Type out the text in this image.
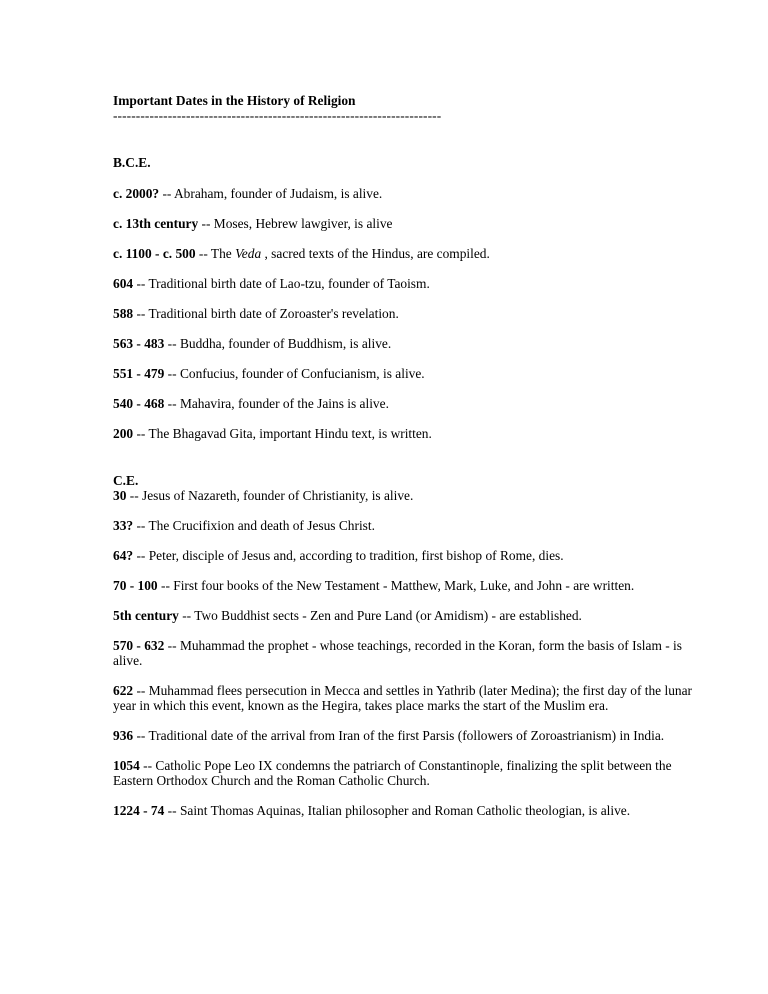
Important Dates in the History of Religion

------------------------------------------------------------------------

B.C.E.

c. 2000? -- Abraham, founder of Judaism, is alive.

c. 13th century -- Moses, Hebrew lawgiver, is alive

c. 1100 - c. 500 -- The Veda , sacred texts of the Hindus, are compiled.

604 -- Traditional birth date of Lao-tzu, founder of Taoism.

588 -- Traditional birth date of Zoroaster's revelation.

563 - 483 -- Buddha, founder of Buddhism, is alive.

551 - 479 -- Confucius, founder of Confucianism, is alive.

540 - 468 -- Mahavira, founder of the Jains is alive.

200 -- The Bhagavad Gita, important Hindu text, is written.

C.E.

30 -- Jesus of Nazareth, founder of Christianity, is alive.

33? -- The Crucifixion and death of Jesus Christ.

64? -- Peter, disciple of Jesus and, according to tradition, first bishop of Rome, dies.

70 - 100 -- First four books of the New Testament - Matthew, Mark, Luke, and John - are written.

5th century -- Two Buddhist sects - Zen and Pure Land (or Amidism) - are established.

570 - 632 -- Muhammad the prophet - whose teachings, recorded in the Koran, form the basis of Islam - is alive.

622 -- Muhammad flees persecution in Mecca and settles in Yathrib (later Medina); the first day of the lunar year in which this event, known as the Hegira, takes place marks the start of the Muslim era.

936 -- Traditional date of the arrival from Iran of the first Parsis (followers of Zoroastrianism) in India.

1054 -- Catholic Pope Leo IX condemns the patriarch of Constantinople, finalizing the split between the Eastern Orthodox Church and the Roman Catholic Church.

1224 - 74 -- Saint Thomas Aquinas, Italian philosopher and Roman Catholic theologian, is alive.
